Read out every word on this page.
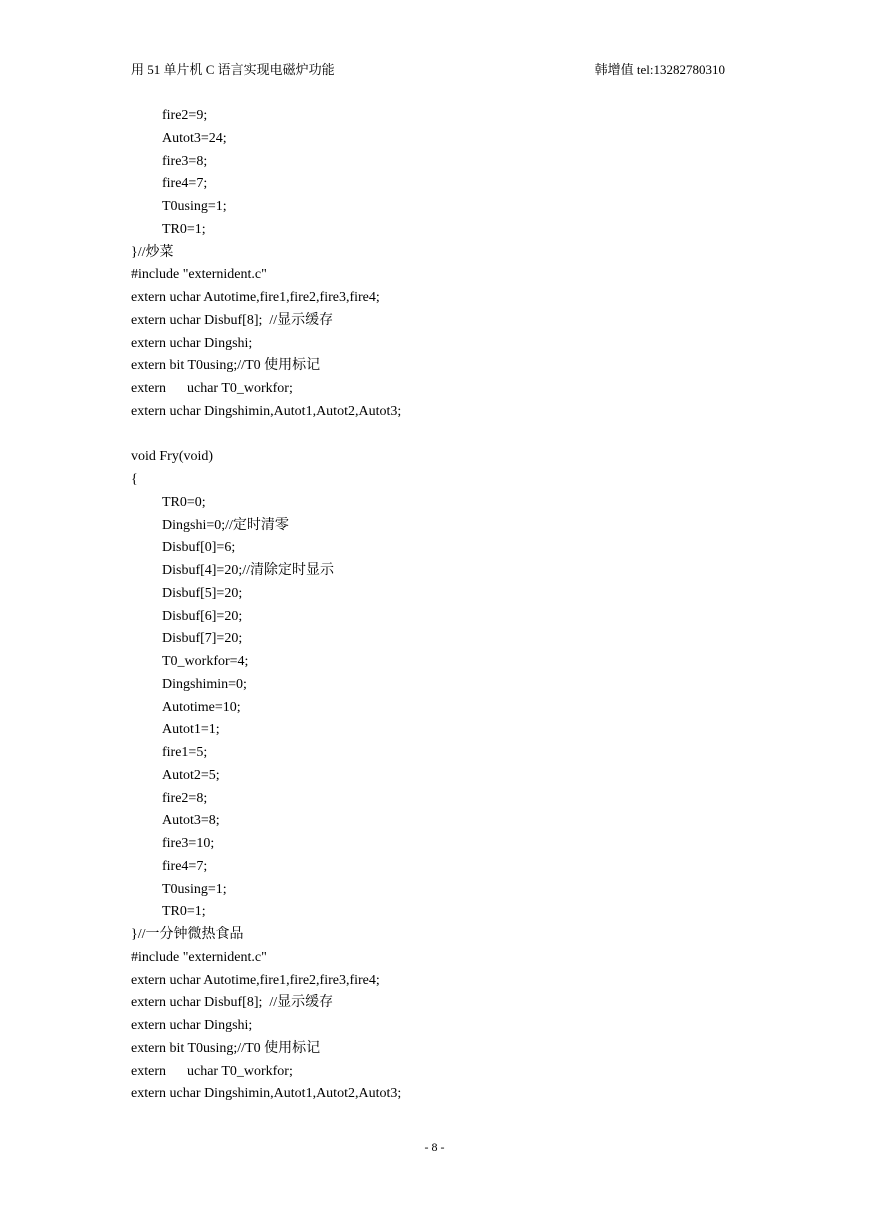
用 51 单片机 C 语言实现电磁炉功能	韩增值 tel:13282780310
fire2=9;
Autot3=24;
fire3=8;
fire4=7;
T0using=1;
TR0=1;
}//炒菜
#include "externident.c"
extern uchar Autotime,fire1,fire2,fire3,fire4;
extern uchar Disbuf[8];  //显示缓存
extern uchar Dingshi;
extern bit T0using;//T0 使用标记
extern      uchar T0_workfor;
extern uchar Dingshimin,Autot1,Autot2,Autot3;
void Fry(void)
{
TR0=0;
Dingshi=0;//定时清零
Disbuf[0]=6;
Disbuf[4]=20;//清除定时显示
Disbuf[5]=20;
Disbuf[6]=20;
Disbuf[7]=20;
T0_workfor=4;
Dingshimin=0;
Autotime=10;
Autot1=1;
fire1=5;
Autot2=5;
fire2=8;
Autot3=8;
fire3=10;
fire4=7;
T0using=1;
TR0=1;
}//一分钟微热食品
#include "externident.c"
extern uchar Autotime,fire1,fire2,fire3,fire4;
extern uchar Disbuf[8];  //显示缓存
extern uchar Dingshi;
extern bit T0using;//T0 使用标记
extern      uchar T0_workfor;
extern uchar Dingshimin,Autot1,Autot2,Autot3;
- 8 -
